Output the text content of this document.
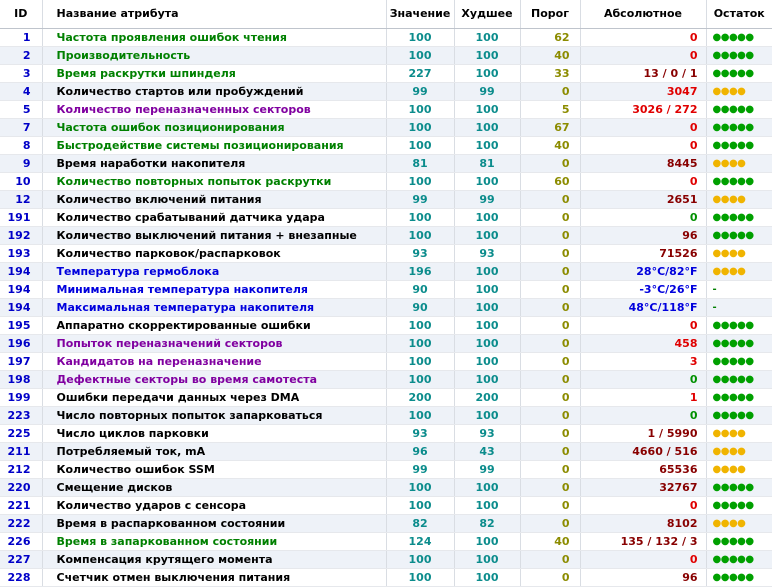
ID	Название атрибута	Значение	Худшее	Порог	Абсолютное	Остаток
1	Частота проявления ошибок чтения	100	100	62	0	●●●●●
2	Производительность	100	100	40	0	●●●●●
3	Время раскрутки шпинделя	227	100	33	13 / 0 / 1	●●●●●
4	Количество стартов или пробуждений	99	99	0	3047	●●●●
5	Количество переназначенных секторов	100	100	5	3026 / 272	●●●●●
7	Частота ошибок позиционирования	100	100	67	0	●●●●●
8	Быстродействие системы позиционирования	100	100	40	0	●●●●●
9	Время наработки накопителя	81	81	0	8445	●●●●
10	Количество повторных попыток раскрутки	100	100	60	0	●●●●●
12	Количество включений питания	99	99	0	2651	●●●●
191	Количество срабатываний датчика удара	100	100	0	0	●●●●●
192	Количество выключений питания + внезапные	100	100	0	96	●●●●●
193	Количество парковок/распарковок	93	93	0	71526	●●●●
194	Температура гермоблока	196	100	0	28°C/82°F	●●●●
194	Минимальная температура накопителя	90	100	0	-3°C/26°F	-
194	Максимальная температура накопителя	90	100	0	48°C/118°F	-
195	Аппаратно скорректированные ошибки	100	100	0	0	●●●●●
196	Попыток переназначений секторов	100	100	0	458	●●●●●
197	Кандидатов на переназначение	100	100	0	3	●●●●●
198	Дефектные секторы во время самотеста	100	100	0	0	●●●●●
199	Ошибки передачи данных через DMA	200	200	0	1	●●●●●
223	Число повторных попыток запарковаться	100	100	0	0	●●●●●
225	Число циклов парковки	93	93	0	1 / 5990	●●●●
211	Потребляемый ток, mA	96	43	0	4660 / 516	●●●●
212	Количество ошибок SSM	99	99	0	65536	●●●●
220	Смещение дисков	100	100	0	32767	●●●●●
221	Количество ударов с сенсора	100	100	0	0	●●●●●
222	Время в распаркованном состоянии	82	82	0	8102	●●●●
226	Время в запаркованном состоянии	124	100	40	135 / 132 / 3	●●●●●
227	Компенсация крутящего момента	100	100	0	0	●●●●●
228	Счетчик отмен выключения питания	100	100	0	96	●●●●●
